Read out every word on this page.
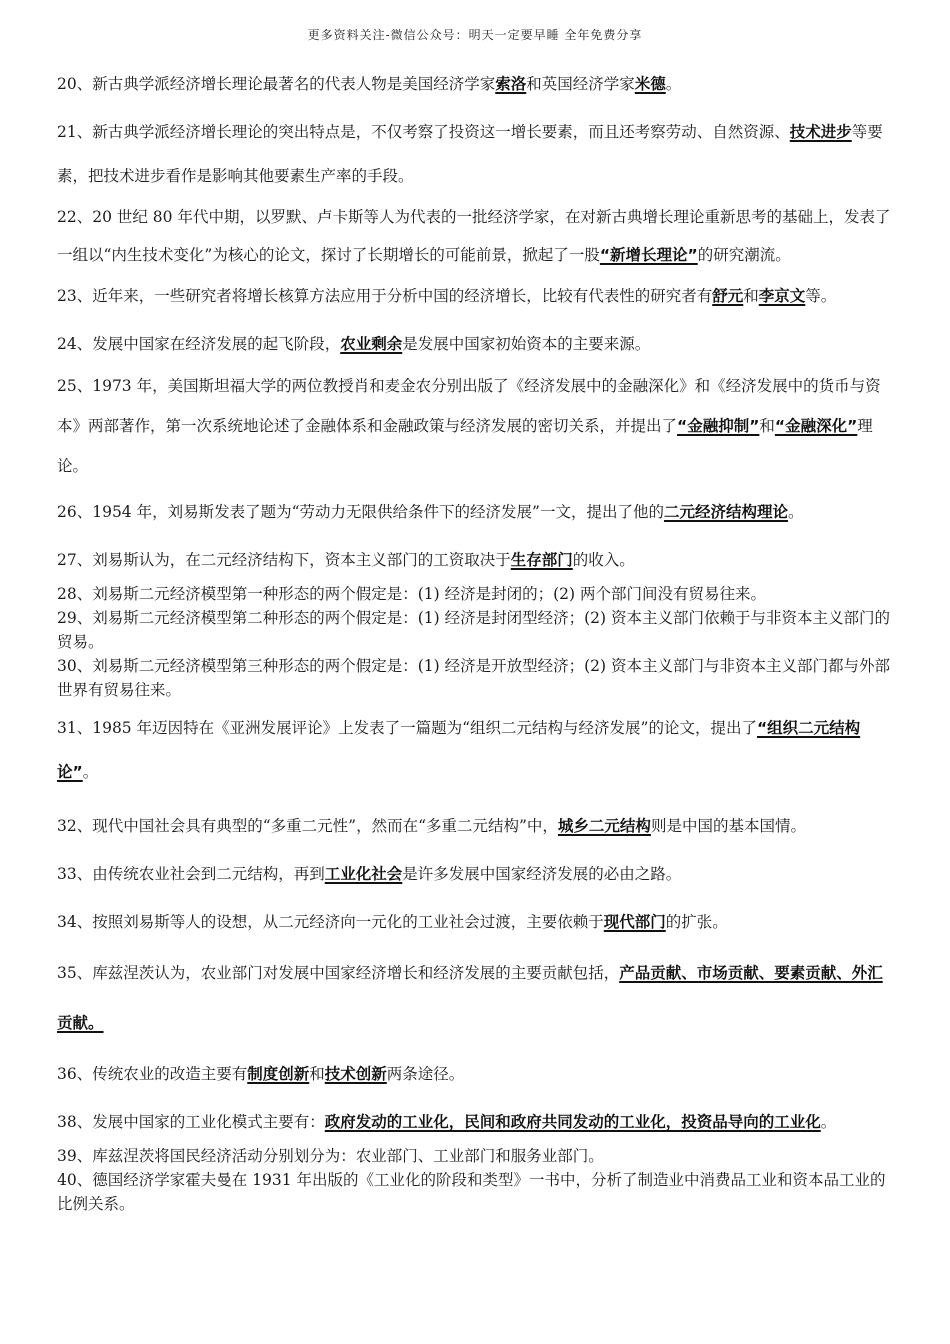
更多资料关注-微信公众号：明天一定要早睡 全年免费分享

20、新古典学派经济增长理论最著名的代表人物是美国经济学家索洛和英国经济学家米德。

21、新古典学派经济增长理论的突出特点是，不仅考察了投资这一增长要素，而且还考察劳动、自然资源、技术进步等要素，把技术进步看作是影响其他要素生产率的手段。

22、20 世纪 80 年代中期，以罗默、卢卡斯等人为代表的一批经济学家，在对新古典增长理论重新思考的基础上，发表了一组以“内生技术变化”为核心的论文，探讨了长期增长的可能前景，掀起了一股“新增长理论”的研究潮流。

23、近年来，一些研究者将增长核算方法应用于分析中国的经济增长，比较有代表性的研究者有舒元和李京文等。

24、发展中国家在经济发展的起飞阶段，农业剩余是发展中国家初始资本的主要来源。

25、1973 年，美国斯坦福大学的两位教授肖和麦金农分别出版了《经济发展中的金融深化》和《经济发展中的货币与资本》两部著作，第一次系统地论述了金融体系和金融政策与经济发展的密切关系，并提出了“金融抑制”和“金融深化”理论。

26、1954 年，刘易斯发表了题为“劳动力无限供给条件下的经济发展”一文，提出了他的二元经济结构理论。

27、刘易斯认为，在二元经济结构下，资本主义部门的工资取决于生存部门的收入。

28、刘易斯二元经济模型第一种形态的两个假定是：(1) 经济是封闭的；(2) 两个部门间没有贸易往来。

29、刘易斯二元经济模型第二种形态的两个假定是：(1) 经济是封闭型经济；(2) 资本主义部门依赖于与非资本主义部门的贸易。

30、刘易斯二元经济模型第三种形态的两个假定是：(1) 经济是开放型经济；(2) 资本主义部门与非资本主义部门都与外部世界有贸易往来。

31、1985 年迈因特在《亚洲发展评论》上发表了一篇题为“组织二元结构与经济发展”的论文，提出了“组织二元结构论”。

32、现代中国社会具有典型的“多重二元性”，然而在“多重二元结构”中，城乡二元结构则是中国的基本国情。

33、由传统农业社会到二元结构，再到工业化社会是许多发展中国家经济发展的必由之路。

34、按照刘易斯等人的设想，从二元经济向一元化的工业社会过渡，主要依赖于现代部门的扩张。

35、库兹涅茨认为，农业部门对发展中国家经济增长和经济发展的主要贡献包括，产品贡献、市场贡献、要素贡献、外汇贡献。

36、传统农业的改造主要有制度创新和技术创新两条途径。

38、发展中国家的工业化模式主要有：政府发动的工业化，民间和政府共同发动的工业化，投资品导向的工业化。

39、库兹涅茨将国民经济活动分别划分为：农业部门、工业部门和服务业部门。

40、德国经济学家霍夫曼在 1931 年出版的《工业化的阶段和类型》一书中，分析了制造业中消费品工业和资本品工业的比例关系。
